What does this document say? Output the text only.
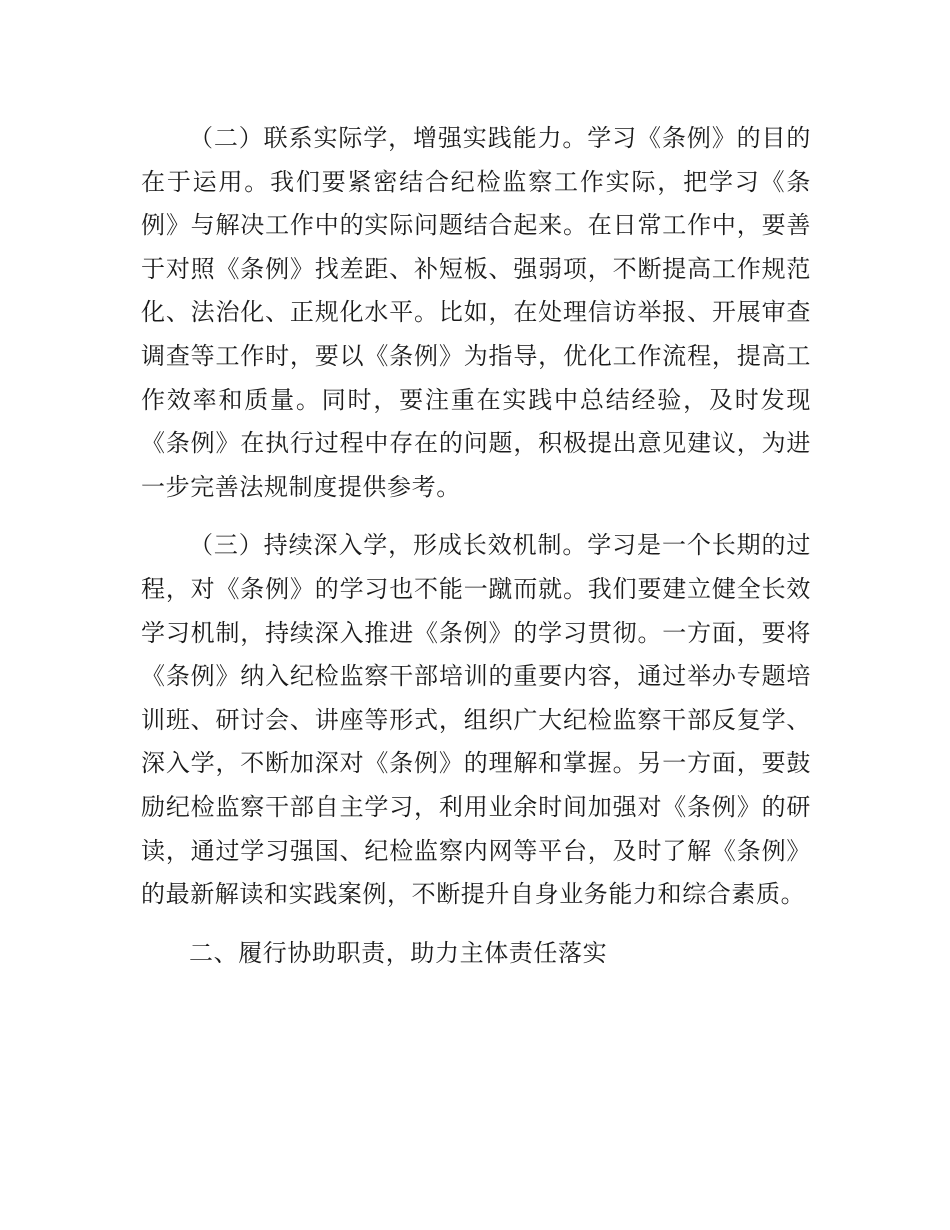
（二）联系实际学，增强实践能力。学习《条例》的目的在于运用。我们要紧密结合纪检监察工作实际，把学习《条例》与解决工作中的实际问题结合起来。在日常工作中，要善于对照《条例》找差距、补短板、强弱项，不断提高工作规范化、法治化、正规化水平。比如，在处理信访举报、开展审查调查等工作时，要以《条例》为指导，优化工作流程，提高工作效率和质量。同时，要注重在实践中总结经验，及时发现《条例》在执行过程中存在的问题，积极提出意见建议，为进一步完善法规制度提供参考。

（三）持续深入学，形成长效机制。学习是一个长期的过程，对《条例》的学习也不能一蹴而就。我们要建立健全长效学习机制，持续深入推进《条例》的学习贯彻。一方面，要将《条例》纳入纪检监察干部培训的重要内容，通过举办专题培训班、研讨会、讲座等形式，组织广大纪检监察干部反复学、深入学，不断加深对《条例》的理解和掌握。另一方面，要鼓励纪检监察干部自主学习，利用业余时间加强对《条例》的研读，通过学习强国、纪检监察内网等平台，及时了解《条例》的最新解读和实践案例，不断提升自身业务能力和综合素质。

二、履行协助职责，助力主体责任落实
